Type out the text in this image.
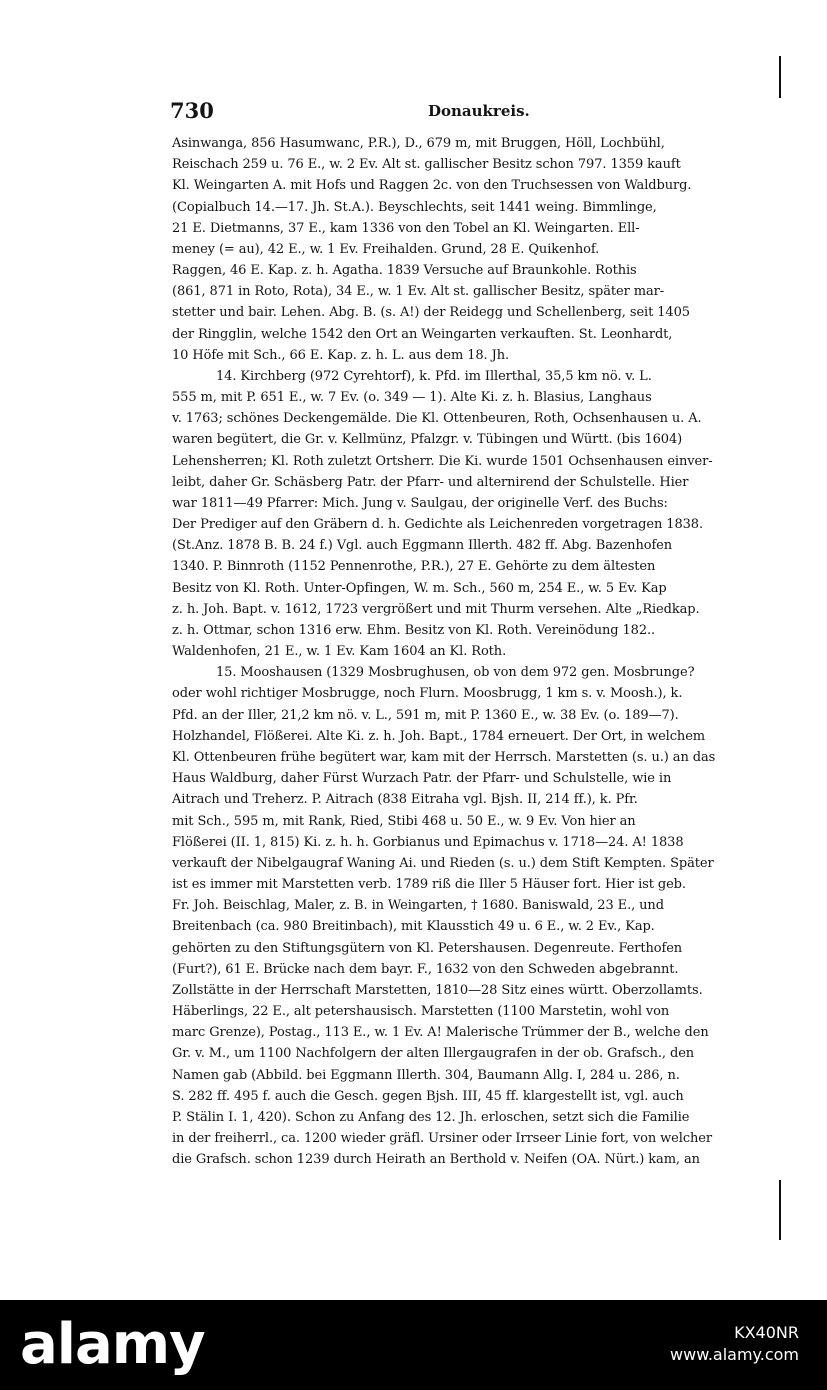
730	Donaukreis.
Asinwanga, 856 Hasumwanc, P.R.), D., 679 m, mit Bruggen, Höll, Lochbühl,
Reischach 259 u. 76 E., w. 2 Ev. Alt st. gallischer Besitz schon 797. 1359 kauft
Kl. Weingarten A. mit Hofs und Raggen 2c. von den Truchsessen von Waldburg.
(Copialbuch 14.—17. Jh. St.A.). Beyschlechts, seit 1441 weing. Bimmlinge,
21 E. Dietmanns, 37 E., kam 1336 von den Tobel an Kl. Weingarten. Ell-
meney (= au), 42 E., w. 1 Ev. Freihalden. Grund, 28 E. Quikenhof.
Raggen, 46 E. Kap. z. h. Agatha. 1839 Versuche auf Braunkohle. Rothis
(861, 871 in Roto, Rota), 34 E., w. 1 Ev. Alt st. gallischer Besitz, später mar-
stetter und bair. Lehen. Abg. B. (s. A!) der Reidegg und Schellenberg, seit 1405
der Ringglin, welche 1542 den Ort an Weingarten verkauften. St. Leonhardt,
10 Höfe mit Sch., 66 E. Kap. z. h. L. aus dem 18. Jh.
14. Kirchberg (972 Cyrehtorf), k. Pfd. im Illerthal, 35,5 km nö. v. L.
555 m, mit P. 651 E., w. 7 Ev. (o. 349 — 1). Alte Ki. z. h. Blasius, Langhaus
v. 1763; schönes Deckengemälde. Die Kl. Ottenbeuren, Roth, Ochsenhausen u. A.
waren begütert, die Gr. v. Kellmünz, Pfalzgr. v. Tübingen und Württ. (bis 1604)
Lehensherren; Kl. Roth zuletzt Ortsherr. Die Ki. wurde 1501 Ochsenhausen einver-
leibt, daher Gr. Schäsberg Patr. der Pfarr- und alternirend der Schulstelle. Hier
war 1811—49 Pfarrer: Mich. Jung v. Saulgau, der originelle Verf. des Buchs:
Der Prediger auf den Gräbern d. h. Gedichte als Leichenreden vorgetragen 1838.
(St.Anz. 1878 B. B. 24 f.) Vgl. auch Eggmann Illerth. 482 ff. Abg. Bazenhofen
1340. P. Binnroth (1152 Pennenrothe, P.R.), 27 E. Gehörte zu dem ältesten
Besitz von Kl. Roth. Unter-Opfingen, W. m. Sch., 560 m, 254 E., w. 5 Ev. Kap
z. h. Joh. Bapt. v. 1612, 1723 vergrößert und mit Thurm versehen. Alte „Riedkap.
z. h. Ottmar, schon 1316 erw. Ehm. Besitz von Kl. Roth. Vereinödung 182..
Waldenhofen, 21 E., w. 1 Ev. Kam 1604 an Kl. Roth.
15. Mooshausen (1329 Mosbrughusen, ob von dem 972 gen. Mosbrunge?
oder wohl richtiger Mosbrugge, noch Flurn. Moosbrugg, 1 km s. v. Moosh.), k.
Pfd. an der Iller, 21,2 km nö. v. L., 591 m, mit P. 1360 E., w. 38 Ev. (o. 189—7).
Holzhandel, Flößerei. Alte Ki. z. h. Joh. Bapt., 1784 erneuert. Der Ort, in welchem
Kl. Ottenbeuren frühe begütert war, kam mit der Herrsch. Marstetten (s. u.) an das
Haus Waldburg, daher Fürst Wurzach Patr. der Pfarr- und Schulstelle, wie in
Aitrach und Treherz. P. Aitrach (838 Eitraha vgl. Bjsh. II, 214 ff.), k. Pfr.
mit Sch., 595 m, mit Rank, Ried, Stibi 468 u. 50 E., w. 9 Ev. Von hier an
Flößerei (II. 1, 815) Ki. z. h. h. Gorbianus und Epimachus v. 1718—24. A! 1838
verkauft der Nibelgaugraf Waning Ai. und Rieden (s. u.) dem Stift Kempten. Später
ist es immer mit Marstetten verb. 1789 riß die Iller 5 Häuser fort. Hier ist geb.
Fr. Joh. Beischlag, Maler, z. B. in Weingarten, † 1680. Baniswald, 23 E., und
Breitenbach (ca. 980 Breitinbach), mit Klausstich 49 u. 6 E., w. 2 Ev., Kap.
gehörten zu den Stiftungsgütern von Kl. Petershausen. Degenreute. Ferthofen
(Furt?), 61 E. Brücke nach dem bayr. F., 1632 von den Schweden abgebrannt.
Zollstätte in der Herrschaft Marstetten, 1810—28 Sitz eines württ. Oberzollamts.
Häberlings, 22 E., alt petershausisch. Marstetten (1100 Marstetin, wohl von
marc Grenze), Postag., 113 E., w. 1 Ev. A! Malerische Trümmer der B., welche den
Gr. v. M., um 1100 Nachfolgern der alten Illergaugrafen in der ob. Grafsch., den
Namen gab (Abbild. bei Eggmann Illerth. 304, Baumann Allg. I, 284 u. 286, n.
S. 282 ff. 495 f. auch die Gesch. gegen Bjsh. III, 45 ff. klargestellt ist, vgl. auch
P. Stälin I. 1, 420). Schon zu Anfang des 12. Jh. erloschen, setzt sich die Familie
in der freiherrl., ca. 1200 wieder gräfl. Ursiner oder Irrseer Linie fort, von welcher
die Grafsch. schon 1239 durch Heirath an Berthold v. Neifen (OA. Nürt.) kam, an
alamy	KX40NR
www.alamy.com
